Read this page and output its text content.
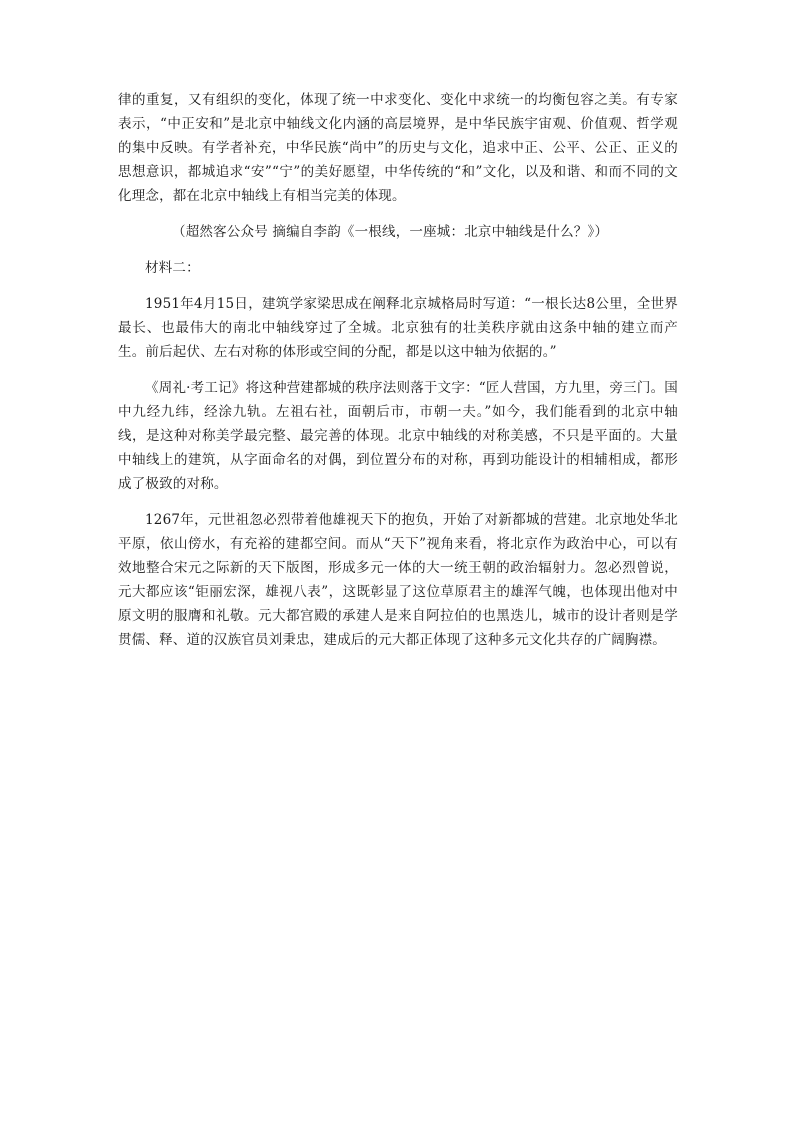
律的重复，又有组织的变化，体现了统一中求变化、变化中求统一的均衡包容之美。有专家表示，“中正安和”是北京中轴线文化内涵的高层境界，是中华民族宇宙观、价值观、哲学观的集中反映。有学者补充，中华民族“尚中”的历史与文化，追求中正、公平、公正、正义的思想意识，都城追求“安”“宁”的美好愿望，中华传统的“和”文化，以及和谐、和而不同的文化理念，都在北京中轴线上有相当完美的体现。

（超然客公众号 摘编自李韵《一根线，一座城：北京中轴线是什么？》）

材料二：

1951年4月15日，建筑学家梁思成在阐释北京城格局时写道：“一根长达8公里，全世界最长、也最伟大的南北中轴线穿过了全城。北京独有的壮美秩序就由这条中轴的建立而产生。前后起伏、左右对称的体形或空间的分配，都是以这中轴为依据的。”

《周礼·考工记》将这种营建都城的秩序法则落于文字：“匠人营国，方九里，旁三门。国中九经九纬，经涂九轨。左祖右社，面朝后市，市朝一夫。”如今，我们能看到的北京中轴线，是这种对称美学最完整、最完善的体现。北京中轴线的对称美感，不只是平面的。大量中轴线上的建筑，从字面命名的对偶，到位置分布的对称，再到功能设计的相辅相成，都形成了极致的对称。

1267年，元世祖忽必烈带着他雄视天下的抱负，开始了对新都城的营建。北京地处华北平原，依山傍水，有充裕的建都空间。而从“天下”视角来看，将北京作为政治中心，可以有效地整合宋元之际新的天下版图，形成多元一体的大一统王朝的政治辐射力。忽必烈曾说，元大都应该“钜丽宏深，雄视八表”，这既彰显了这位草原君主的雄浑气魄，也体现出他对中原文明的服膺和礼敬。元大都宫殿的承建人是来自阿拉伯的也黑迭儿，城市的设计者则是学贯儒、释、道的汉族官员刘秉忠，建成后的元大都正体现了这种多元文化共存的广阔胸襟。
